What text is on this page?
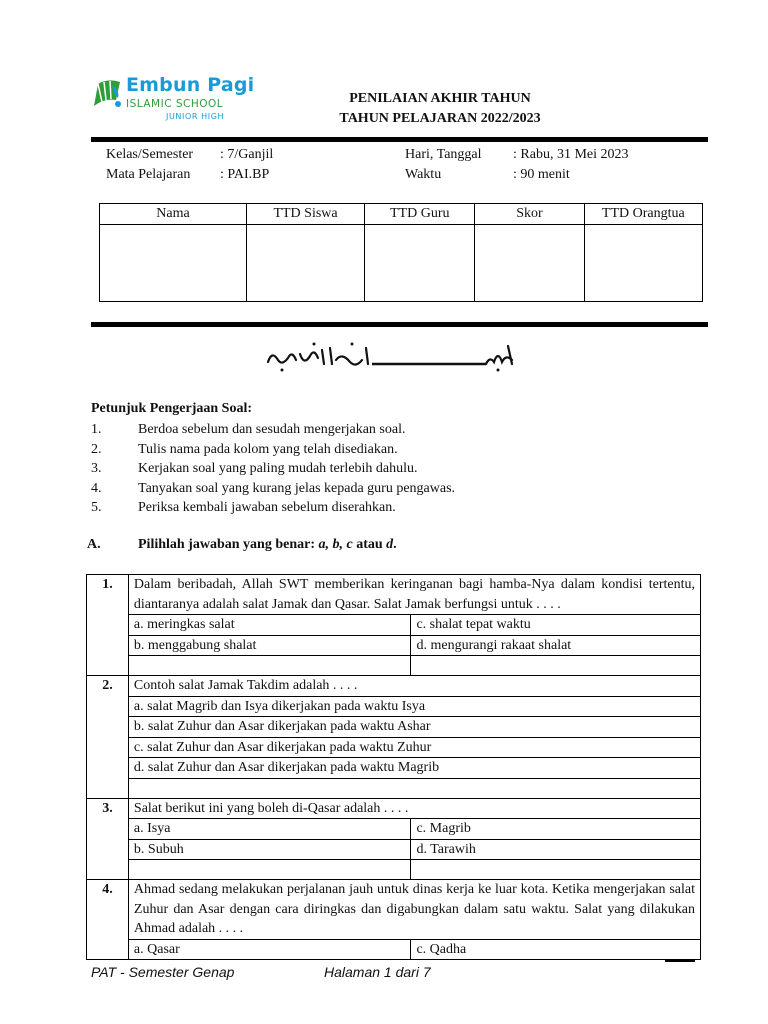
Embun Pagi
ISLAMIC SCHOOL
JUNIOR HIGH
PENILAIAN AKHIR TAHUN
TAHUN PELAJARAN 2022/2023
Kelas/Semester : 7/Ganjil
Mata Pelajaran : PAI.BP
Hari, Tanggal : Rabu, 31 Mei 2023
Waktu	: 90 menit
Nama	TTD Siswa	TTD Guru	Skor	TTD Orangtua

Petunjuk Pengerjaan Soal:
1.	Berdoa sebelum dan sesudah mengerjakan soal.
2.	Tulis nama pada kolom yang telah disediakan.
3.	Kerjakan soal yang paling mudah terlebih dahulu.
4.	Tanyakan soal yang kurang jelas kepada guru pengawas.
5.	Periksa kembali jawaban sebelum diserahkan.
A.	Pilihlah jawaban yang benar: a, b, c atau d.
1.	Dalam beribadah, Allah SWT memberikan keringanan bagi hamba-Nya dalam kondisi tertentu, diantaranya adalah salat Jamak dan Qasar. Salat Jamak berfungsi untuk . . . .	
	a. meringkas salat	c. shalat tepat waktu
	b. menggabung shalat	d. mengurangi rakaat shalat

2.	Contoh salat Jamak Takdim adalah . . . .	
	a. salat Magrib dan Isya dikerjakan pada waktu Isya	
	b. salat Zuhur dan Asar dikerjakan pada waktu Ashar	
	c. salat Zuhur dan Asar dikerjakan pada waktu Zuhur	
	d. salat Zuhur dan Asar dikerjakan pada waktu Magrib	

3.	Salat berikut ini yang boleh di-Qasar adalah . . . .	
	a. Isya	c. Magrib
	b. Subuh	d. Tarawih

4.	Ahmad sedang melakukan perjalanan jauh untuk dinas kerja ke luar kota. Ketika mengerjakan salat Zuhur dan Asar dengan cara diringkas dan digabungkan dalam satu waktu. Salat yang dilakukan Ahmad adalah . . . .	
	a. Qasar	c. Qadha
PAT - Semester Genap	Halaman 1 dari 7
